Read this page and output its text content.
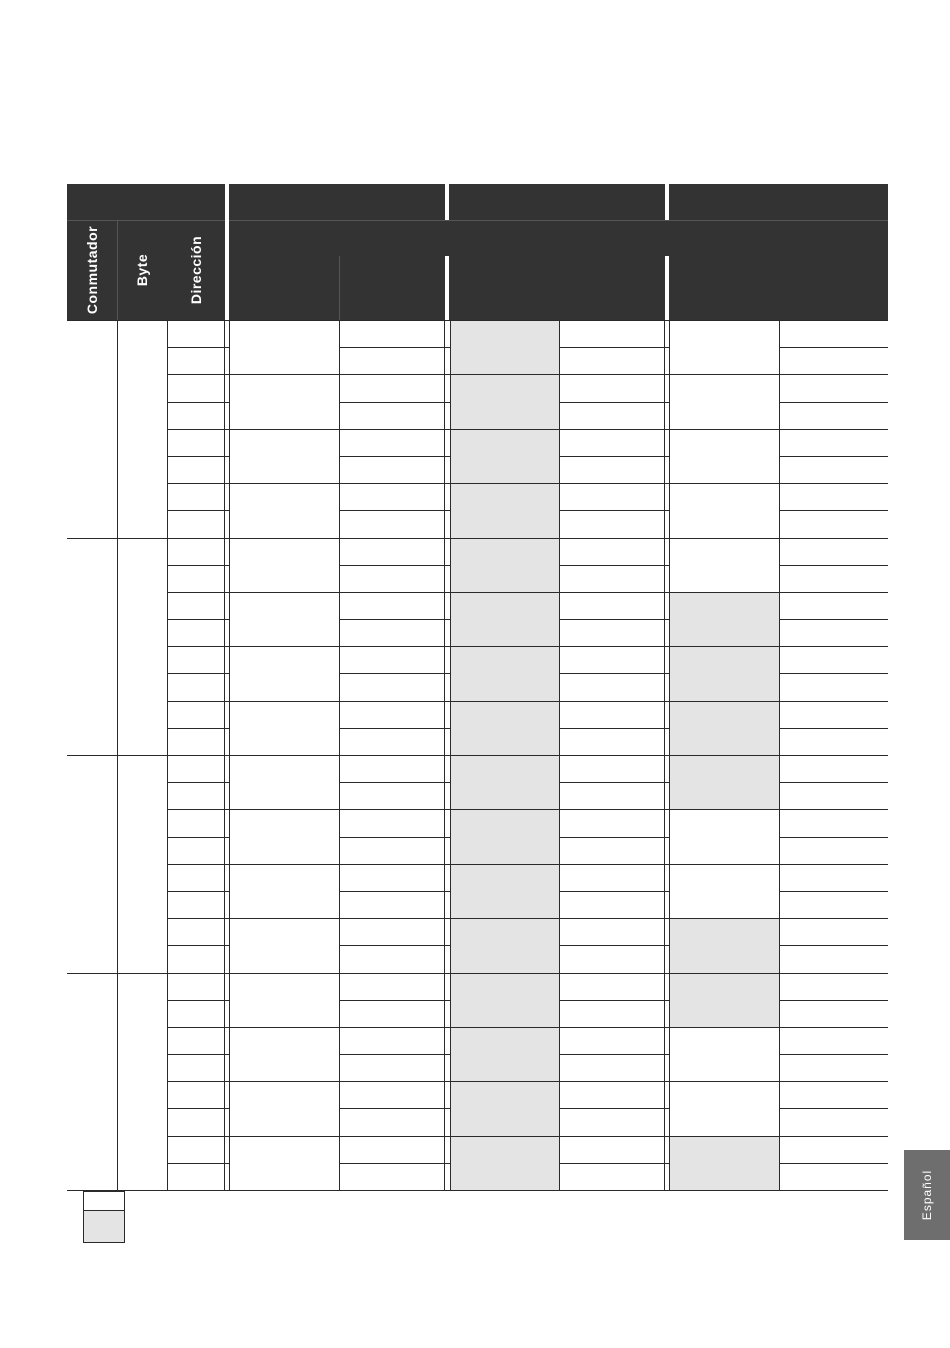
Conmutador Byte	Dirección
Español
